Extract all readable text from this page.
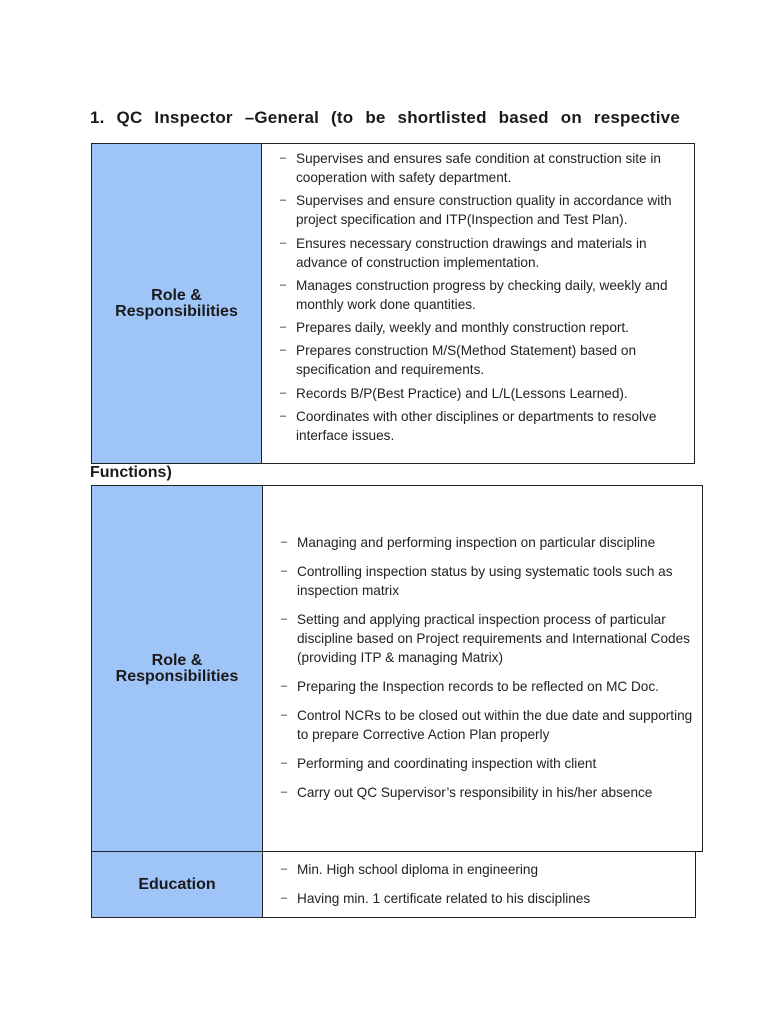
1. QC Inspector –General (to be shortlisted based on respective
Role &
Responsibilities
– Supervises and ensures safe condition at construction site in cooperation with safety department.
– Supervises and ensure construction quality in accordance with project specification and ITP(Inspection and Test Plan).
– Ensures necessary construction drawings and materials in advance of construction implementation.
– Manages construction progress by checking daily, weekly and monthly work done quantities.
– Prepares daily, weekly and monthly construction report.
– Prepares construction M/S(Method Statement) based on specification and requirements.
– Records B/P(Best Practice) and L/L(Lessons Learned).
– Coordinates with other disciplines or departments to resolve interface issues.
Functions)
Role &
Responsibilities
– Managing and performing inspection on particular discipline
– Controlling inspection status by using systematic tools such as inspection matrix
– Setting and applying practical inspection process of particular discipline based on Project requirements and International Codes (providing ITP & managing Matrix)
– Preparing the Inspection records to be reflected on MC Doc.
– Control NCRs to be closed out within the due date and supporting to prepare Corrective Action Plan properly
– Performing and coordinating inspection with client
– Carry out QC Supervisor’s responsibility in his/her absence
Education
– Min. High school diploma in engineering
– Having min. 1 certificate related to his disciplines
